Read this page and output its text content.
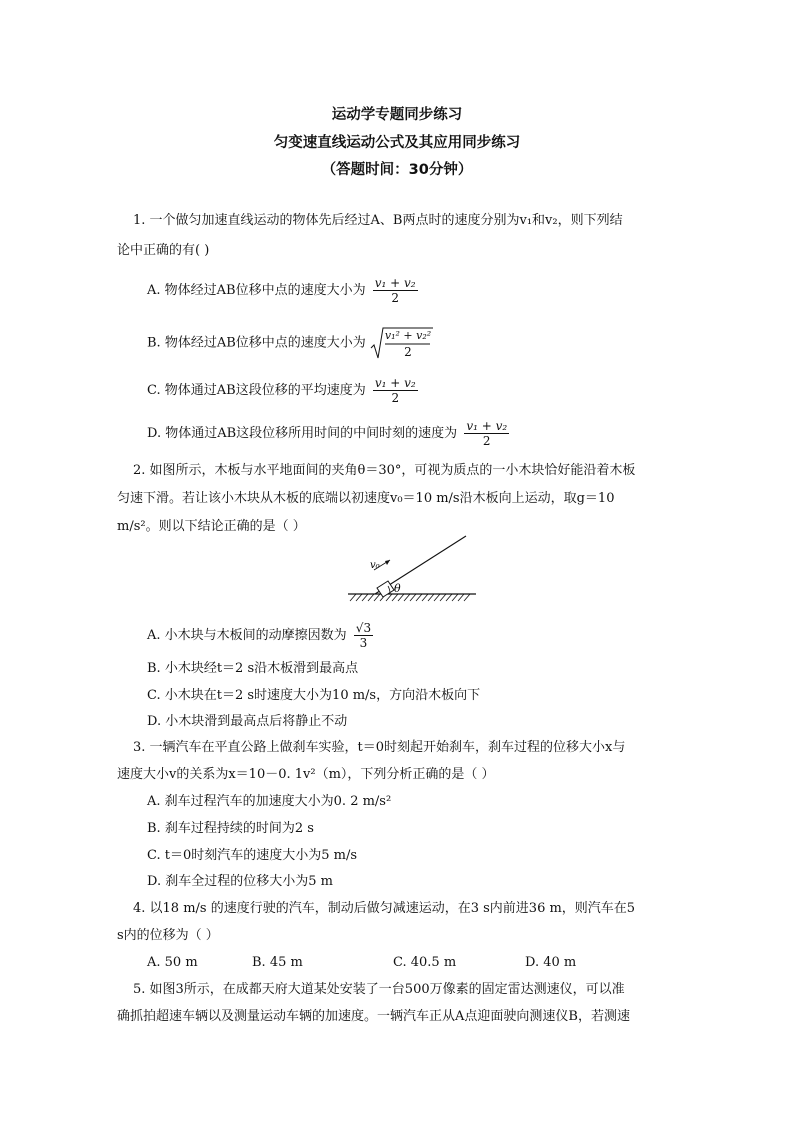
运动学专题同步练习
匀变速直线运动公式及其应用同步练习
（答题时间：30分钟）
1. 一个做匀加速直线运动的物体先后经过A、B两点时的速度分别为v₁和v₂，则下列结
论中正确的有( )
A. 物体经过AB位移中点的速度大小为 $\frac{\text{v₁ + v₂}}{2}$
B. 物体经过AB位移中点的速度大小为 v₁² + v₂²
2
C. 物体通过AB这段位移的平均速度为 $\frac{\text{v₁ + v₂}}{2}$
D. 物体通过AB这段位移所用时间的中间时刻的速度为 $\frac{\text{v₁ + v₂}}{2}$
2. 如图所示，木板与水平地面间的夹角θ＝30°，可视为质点的一小木块恰好能沿着木板
匀速下滑。若让该小木块从木板的底端以初速度v₀＝10 m/s沿木板向上运动，取g＝10
m/s²。则以下结论正确的是（ ）
v₀
θ
A. 小木块与木板间的动摩擦因数为 $\frac{√3}{3}$
B. 小木块经t＝2 s沿木板滑到最高点
C. 小木块在t＝2 s时速度大小为10 m/s，方向沿木板向下
D. 小木块滑到最高点后将静止不动
3. 一辆汽车在平直公路上做刹车实验，t＝0时刻起开始刹车，刹车过程的位移大小x与
速度大小v的关系为x＝10－0. 1v²（m），下列分析正确的是（ ）
A. 刹车过程汽车的加速度大小为0. 2 m/s²
B. 刹车过程持续的时间为2 s
C. t＝0时刻汽车的速度大小为5 m/s
D. 刹车全过程的位移大小为5 m
4. 以18 m/s 的速度行驶的汽车，制动后做匀减速运动，在3 s内前进36 m，则汽车在5
s内的位移为（ ）
A. 50 m	B. 45 m	C. 40.5 m	D. 40 m
5. 如图3所示，在成都天府大道某处安装了一台500万像素的固定雷达测速仪，可以准
确抓拍超速车辆以及测量运动车辆的加速度。一辆汽车正从A点迎面驶向测速仪B，若测速
